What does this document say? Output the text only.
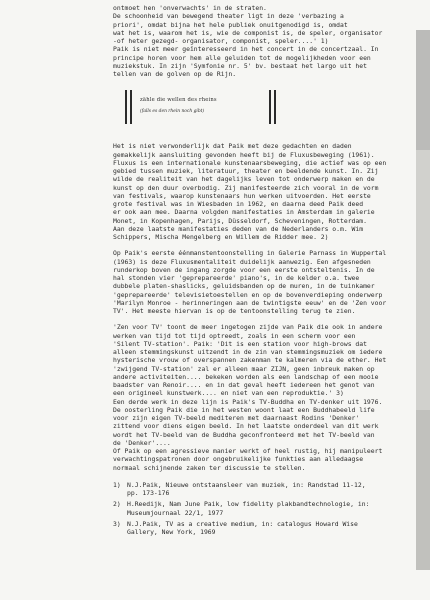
ontmoet hen 'onverwachts' in de straten.

De schoonheid van bewegend theater ligt in deze 'verbazing a

priori', omdat bijna het hele publiek onuitgenodigd is, omdat

wat het is, waarom het is, wie de componist is, de speler, organisator

-of heter gezegd- organisator, componist, speler....' 1)

Paik is niet meer geïnteresseerd in het concert in de concertzaal. In

principe horen voor hem alle geluiden tot de mogelijkheden voor een

muziekstuk. In zijn 'Symfonie nr. 5' bv. bestaat het largo uit het

tellen van de golven op de Rijn.

zähle die wellen des rheins
(falls es den rhein noch gibt)

Het is niet verwonderlijk dat Paik met deze gedachten en daden

gemakkelijk aansluiting gevonden heeft bij de Fluxusbeweging (1961).

Fluxus is een internationale kunstenaarsbeweging, die actief was op een

gebied tussen muziek, literatuur, theater en beeldende kunst. In. Zij

wilde de realiteit van het dagelijks leven tot onderwerp maken en de

kunst op den duur overbodig. Zij manifesteerde zich vooral in de vorm

van festivals, waarop kunstenaars hun werken uitvoerden. Het eerste

grote festival was in Wiesbaden in 1962, en daarna deed Paik deed

er ook aan mee. Daarna volgden manifestaties in Amsterdam in galerie

Monet, in Kopenhagen, Parijs, Düsseldorf, Scheveningen, Rotterdam.

Aan deze laatste manifestaties deden van de Nederlanders o.m. Wim

Schippers, Mischa Mengelberg en Willem de Ridder mee. 2)

Op Paik's eerste éénmanstentoonstelling in Galerie Parnass in Wuppertal

(1963) is deze Fluxusmentaliteit duidelijk aanwezig. Een afgesneden

runderkop boven de ingang zorgde voor een eerste ontsteltenis. In de

hal stonden vier 'geprepareerde' piano's, in de kelder o.a. twee

dubbele platen-shaslicks, geluidsbanden op de muren, in de tuinkamer

'geprepareerde' televisietoestellen en op de bovenverdieping onderwerp

'Marilyn Monroe - herinneringen aan de twintigste eeuw' en de 'Zen voor

TV'. Het meeste hiervan is op de tentoonstelling terug te zien.

'Zen voor TV' toont de meer ingetogen zijde van Paik die ook in andere

werken van tijd tot tijd optreedt, zoals in een scherm voor een

'Silent TV-station'. Paik: 'Dit is een station voor high-brows dat

alleen stemmingskunst uitzendt in de zin van stemmingsmuziek om iedere

hysterische vrouw of overspannen zakenman te kalmeren via de ether. Het

'zwijgend TV-station' zal er alleen maar ZIJN, geen inbreuk maken op

andere activiteiten.... bekeken worden als een landschap of een mooie

baadster van Renoir.... en in dat geval heeft iedereen het genot van

een origineel kunstwerk.... en niet van een reproduktie.' 3)

Een derde werk in deze lijn is Paik's TV-Buddha en TV-denker uit 1976.

De oosterling Paik die in het westen woont laat een Buddhabeeld life

voor zijn eigen TV-beeld mediteren met daarnaast Rodins 'Denker'

zittend voor diens eigen beeld. In het laatste onderdeel van dit werk

wordt het TV-beeld van de Buddha geconfronteerd met het TV-beeld van

de 'Denker'....

Of Paik op een agressieve manier werkt of heel rustig, hij manipuleert

verwachtingspatronen door ongebruikelijke funkties aan alledaagse

normaal schijnende zaken ter discussie te stellen.

1) N.J.Paik, Nieuwe ontstaansleer van muziek, in: Randstad 11-12,

pp. 173-176

2) H.Reedijk, Nam June Paik, low fidelity plakbandtechnologie, in:

Museumjournaal 22/1, 1977

3) N.J.Paik, TV as a creative medium, in: catalogus Howard Wise

Gallery, New York, 1969
